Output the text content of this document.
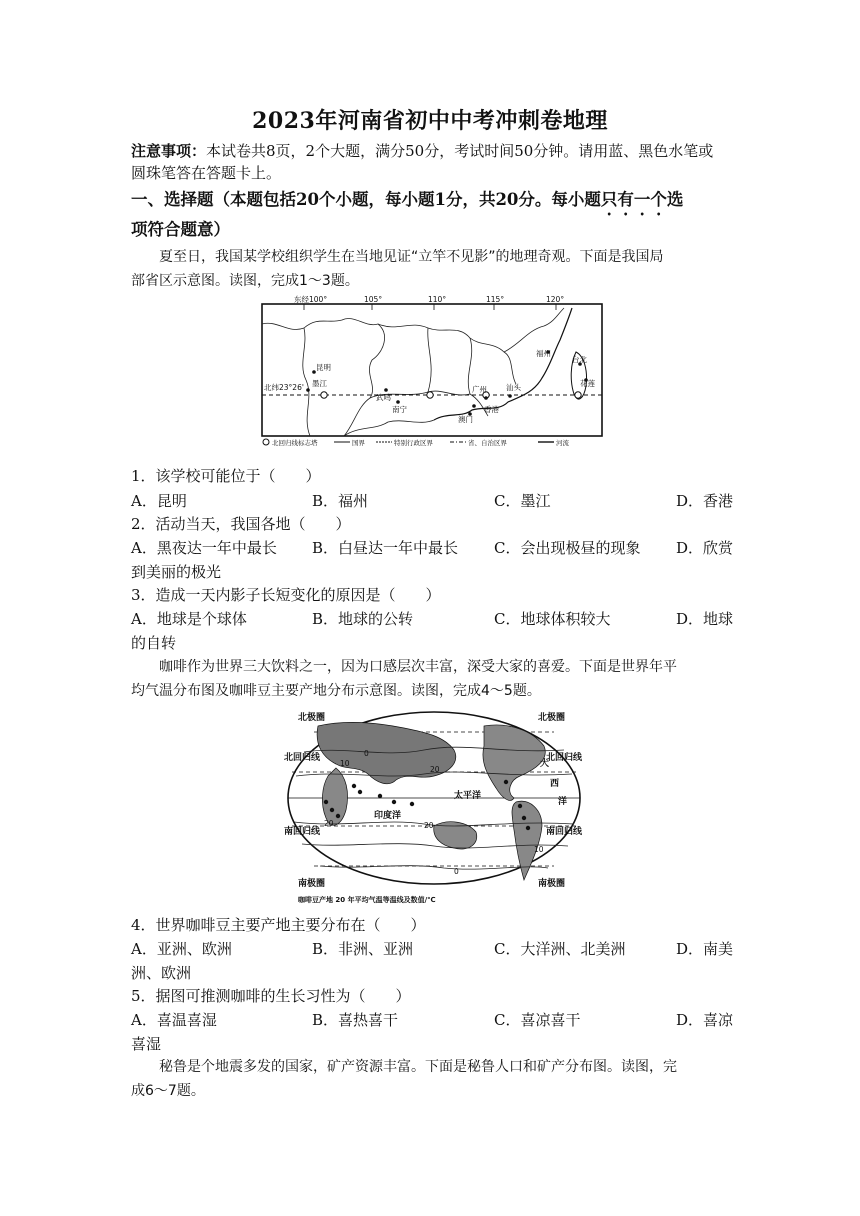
2023年河南省初中中考冲刺卷地理
注意事项：本试卷共8页，2个大题，满分50分，考试时间50分钟。请用蓝、黑色水笔或
圆珠笔答在答题卡上。
一、选择题（本题包括20个小题，每小题1分，共20分。每小题只有一个选
项符合题意）
夏至日，我国某学校组织学生在当地见证“立竿不见影”的地理奇观。下面是我国局
部省区示意图。读图，完成1～3题。
东经100°	105°	110°	115°	120°
北纬23°26'
昆明
墨江
武鸣
南宁
广州	汕头
香港
澳门
福州
台北
花莲
北回归线标志塔	国界	特别行政区界	省、自治区界	河流
1．该学校可能位于（　　）
A．昆明	B．福州	C．墨江	D．香港
2．活动当天，我国各地（　　）
A．黑夜达一年中最长 B．白昼达一年中最长 C．会出现极昼的现象 D．欣赏
到美丽的极光
3．造成一天内影子长短变化的原因是（　　）
A．地球是个球体	B．地球的公转	C．地球体积较大	D．地球
的自转
咖啡作为世界三大饮料之一，因为口感层次丰富，深受大家的喜爱。下面是世界年平
均气温分布图及咖啡豆主要产地分布示意图。读图，完成4～5题。
0
10
20
20
20
10
0
太平洋
印度洋
大
西
洋
北极圈	北极圈
北回归线	北回归线
南回归线	南回归线
南极圈	南极圈
咖啡豆产地 20 年平均气温等温线及数值/℃
4．世界咖啡豆主要产地主要分布在（　　）
A．亚洲、欧洲	B．非洲、亚洲	C．大洋洲、北美洲	D．南美
洲、欧洲
5．据图可推测咖啡的生长习性为（　　）
A．喜温喜湿	B．喜热喜干	C．喜凉喜干	D．喜凉
喜湿
秘鲁是个地震多发的国家，矿产资源丰富。下面是秘鲁人口和矿产分布图。读图，完
成6～7题。
